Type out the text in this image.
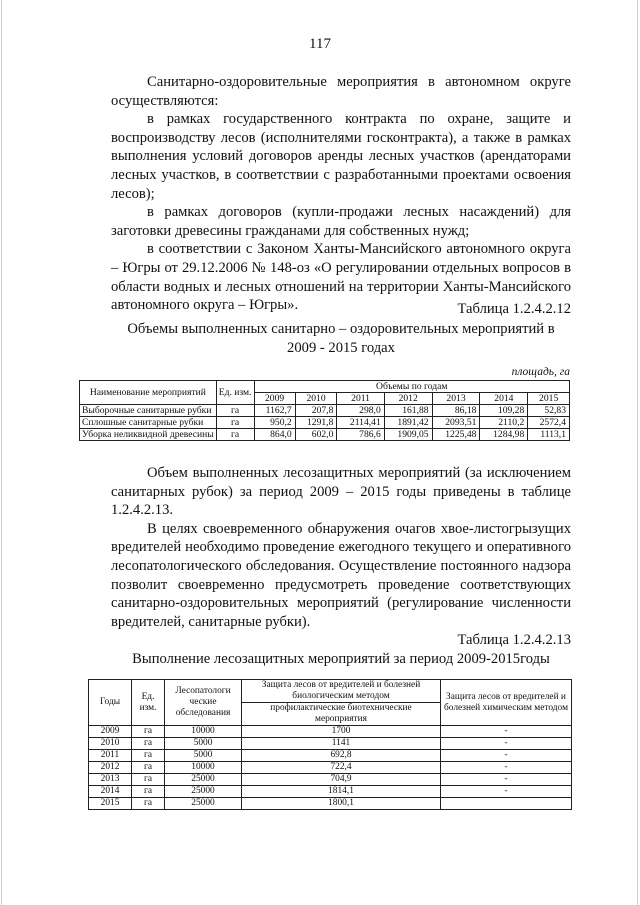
117

Санитарно-оздоровительные мероприятия в автономном округе осуществляются:

в рамках государственного контракта по охране, защите и воспроизводству лесов (исполнителями госконтракта), а также в рамках выполнения условий договоров аренды лесных участков (арендаторами лесных участков, в соответствии с разработанными проектами освоения лесов);

в рамках договоров (купли-продажи лесных насаждений) для заготовки древесины гражданами для собственных нужд;

в соответствии с Законом Ханты-Мансийского автономного округа – Югры от 29.12.2006 № 148-оз «О регулировании отдельных вопросов в области водных и лесных отношений на территории Ханты-Мансийского автономного округа – Югры».	Таблица 1.2.4.2.12
Объемы выполненных санитарно – оздоровительных мероприятий в 2009 - 2015 годах
площадь, га
Наименование мероприятий	Ед. изм.	Объемы по годам						
		2009	2010	2011	2012	2013	2014	2015
Выборочные санитарные рубки	га	1162,7	207,8	298,0	161,88	86,18	109,28	52,83
Сплошные санитарные рубки	га	950,2	1291,8	2114,41	1891,42	2093,51	2110,2	2572,4
Уборка неликвидной древесины	га	864,0	602,0	786,6	1909,05	1225,48	1284,98	1113,1

Объем выполненных лесозащитных мероприятий (за исключением санитарных рубок) за период 2009 – 2015 годы приведены в таблице 1.2.4.2.13.

В целях своевременного обнаружения очагов хвое-листогрызущих вредителей необходимо проведение ежегодного текущего и оперативного лесопатологического обследования. Осуществление постоянного надзора позволит своевременно предусмотреть проведение соответствующих санитарно-оздоровительных мероприятий (регулирование численности вредителей, санитарные рубки).

Таблица 1.2.4.2.13
Выполнение лесозащитных мероприятий за период 2009-2015годы
Годы	Ед. изм.	Лесопатологи ческие обследования	Защита лесов от вредителей и болезней биологическим методом	Защита лесов от вредителей и болезней химическим методом
			профилактические биотехнические мероприятия	
2009	га	10000	1700	-
2010	га	5000	1141	-
2011	га	5000	692,8	-
2012	га	10000	722,4	-
2013	га	25000	704,9	-
2014	га	25000	1814,1	-
2015	га	25000	1800,1	
